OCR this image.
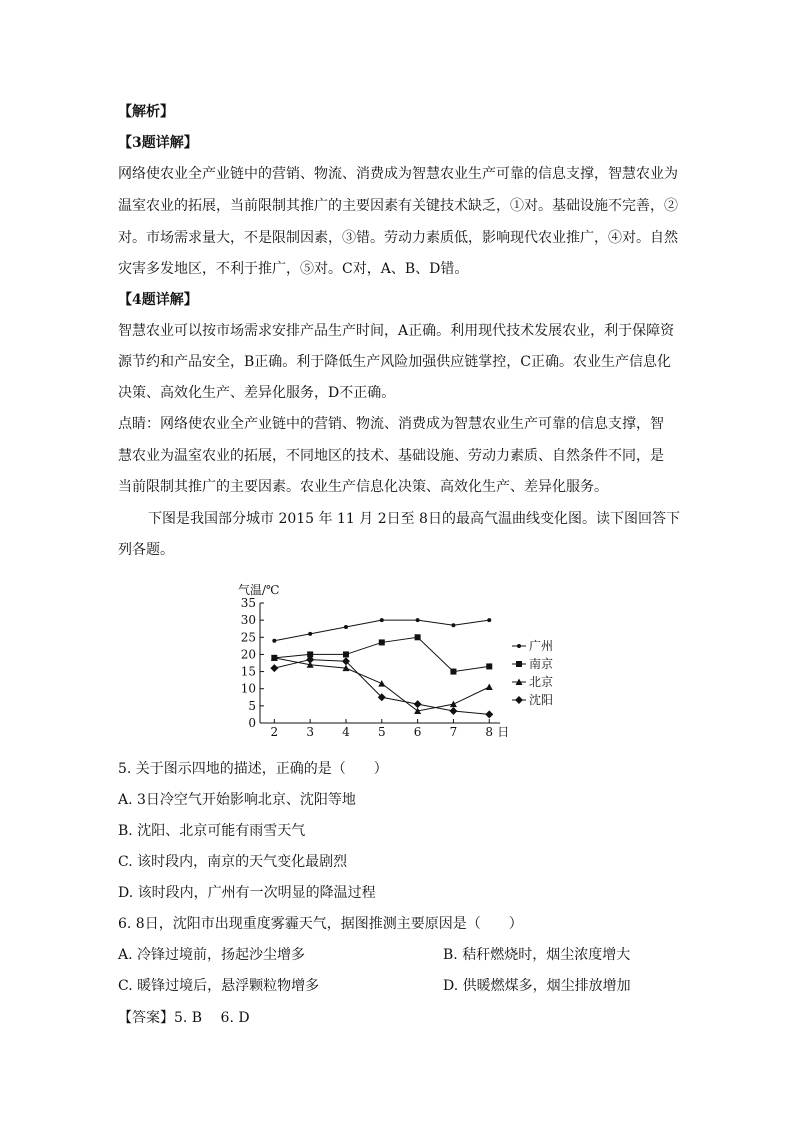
【解析】
【3题详解】
网络使农业全产业链中的营销、物流、消费成为智慧农业生产可靠的信息支撑，智慧农业为
温室农业的拓展，当前限制其推广的主要因素有关键技术缺乏，①对。基础设施不完善，②
对。市场需求量大，不是限制因素，③错。劳动力素质低，影响现代农业推广，④对。自然
灾害多发地区，不利于推广，⑤对。C对，A、B、D错。
【4题详解】
智慧农业可以按市场需求安排产品生产时间，A正确。利用现代技术发展农业，利于保障资
源节约和产品安全，B正确。利于降低生产风险加强供应链掌控，C正确。农业生产信息化
决策、高效化生产、差异化服务，D不正确。
点睛：网络使农业全产业链中的营销、物流、消费成为智慧农业生产可靠的信息支撑，智
慧农业为温室农业的拓展，不同地区的技术、基础设施、劳动力素质、自然条件不同，是
当前限制其推广的主要因素。农业生产信息化决策、高效化生产、差异化服务。
下图是我国部分城市 2015 年 11 月 2日至 8日的最高气温曲线变化图。读下图回答下
列各题。
0
5
10
15
20
25
30
35
2 3 4 5 6 7 8
气温/℃
日
广州
南京
北京
沈阳
5. 关于图示四地的描述，正确的是（　　）
A. 3日冷空气开始影响北京、沈阳等地
B. 沈阳、北京可能有雨雪天气
C. 该时段内，南京的天气变化最剧烈
D. 该时段内，广州有一次明显的降温过程
6. 8日，沈阳市出现重度雾霾天气，据图推测主要原因是（　　）
A. 冷锋过境前，扬起沙尘增多	B. 秸秆燃烧时，烟尘浓度增大
C. 暖锋过境后，悬浮颗粒物增多	D. 供暖燃煤多，烟尘排放增加
【答案】5. B　 6. D
